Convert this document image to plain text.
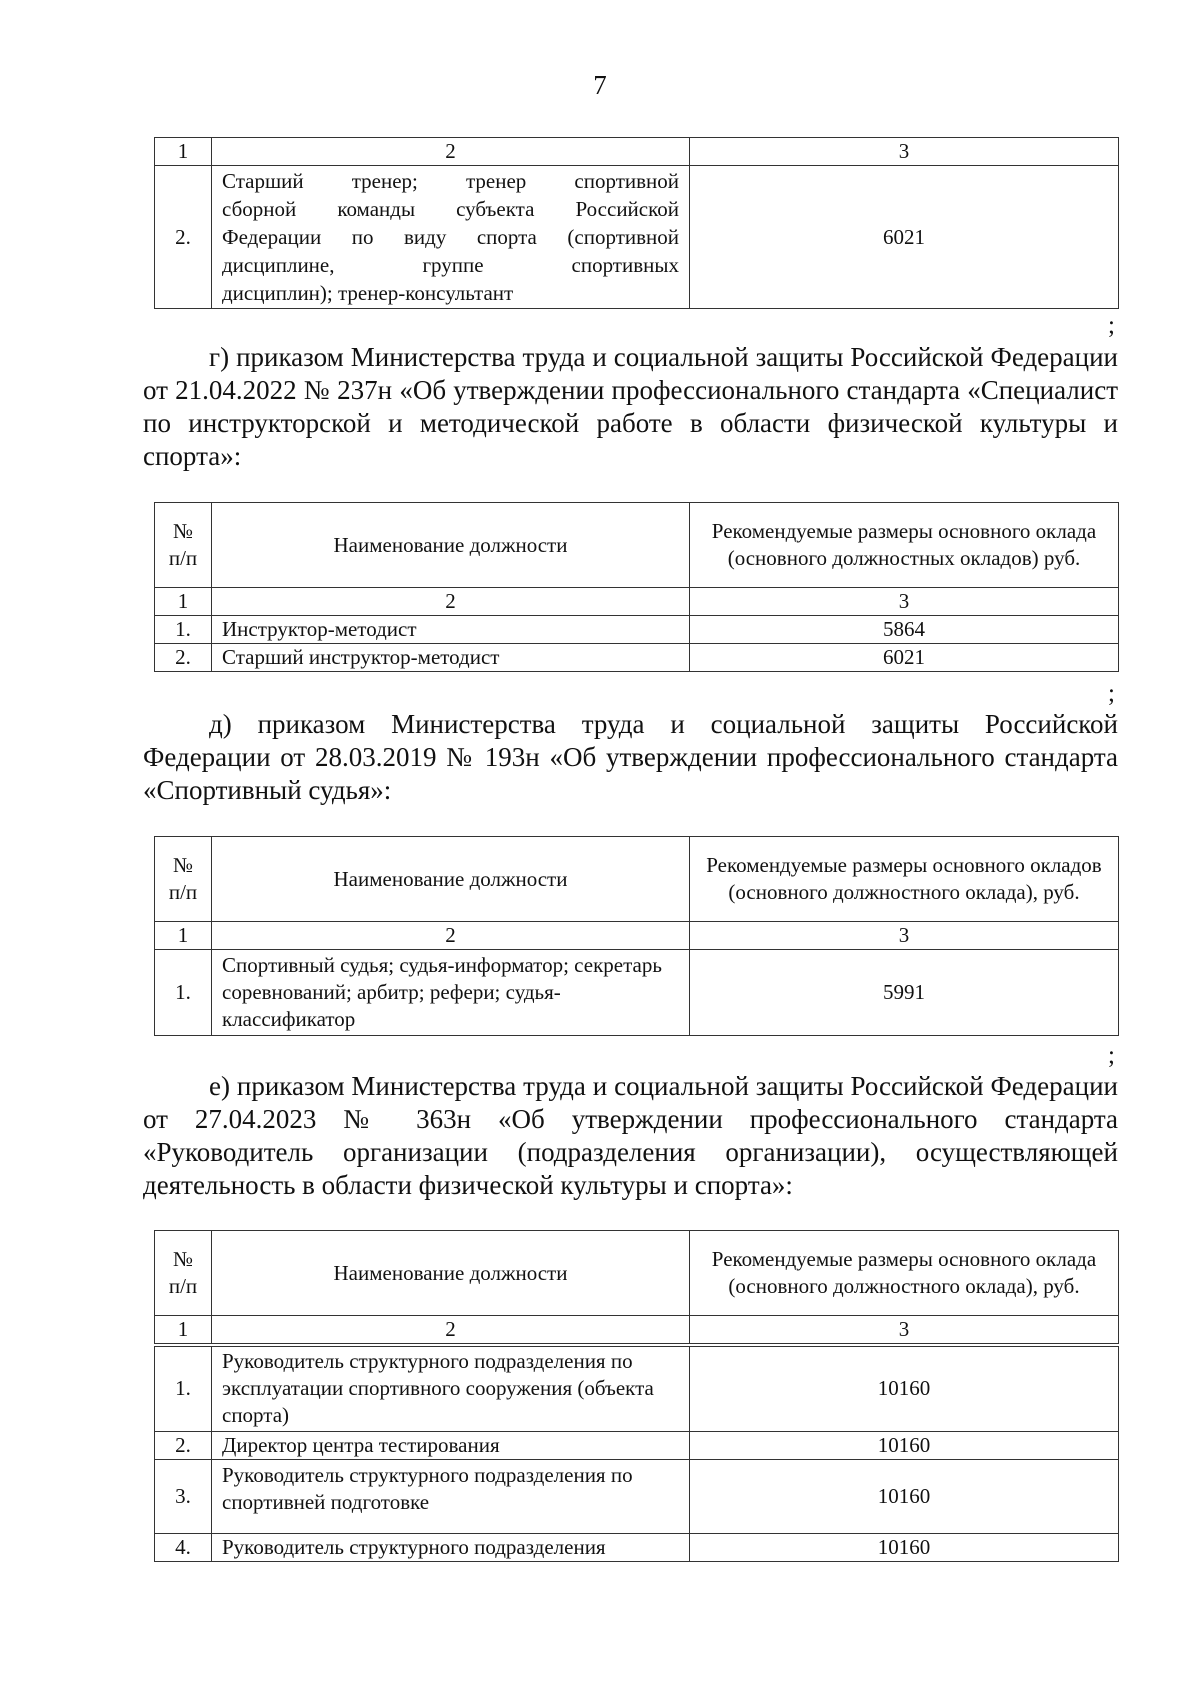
7
1	2	3
2.	Старший тренер; тренер спортивной
сборной команды субъекта Российской
Федерации по виду спорта (спортивной
дисциплине, группе спортивных
дисциплин); тренер-консультант	6021
;
г) приказом Министерства труда и социальной защиты Российской Федерации от 21.04.2022 № 237н «Об утверждении профессионального стандарта «Специалист по инструкторской и методической работе в области физической культуры и спорта»:
№ п/п	Наименование должности	Рекомендуемые размеры основного оклада (основного должностных окладов) руб.
1	2	3
1.	Инструктор-методист	5864
2.	Старший инструктор-методист	6021
;
д) приказом Министерства труда и социальной защиты Российской Федерации от 28.03.2019 № 193н «Об утверждении профессионального стандарта «Спортивный судья»:
№ п/п	Наименование должности	Рекомендуемые размеры основного окладов (основного должностного оклада), руб.
1	2	3
1.	Спортивный судья; судья-информатор; секретарь соревнований; арбитр; рефери; судья-классификатор	5991
;
е) приказом Министерства труда и социальной защиты Российской Федерации от 27.04.2023 № 363н «Об утверждении профессионального стандарта «Руководитель организации (подразделения организации), осуществляющей деятельность в области физической культуры и спорта»:
№ п/п	Наименование должности	Рекомендуемые размеры основного оклада (основного должностного оклада), руб.
1	2	3
1.	Руководитель структурного подразделения по эксплуатации спортивного сооружения (объекта спорта)	10160
2.	Директор центра тестирования	10160
3.	Руководитель структурного подразделения по спортивней подготовке	10160
4.	Руководитель структурного подразделения	10160
